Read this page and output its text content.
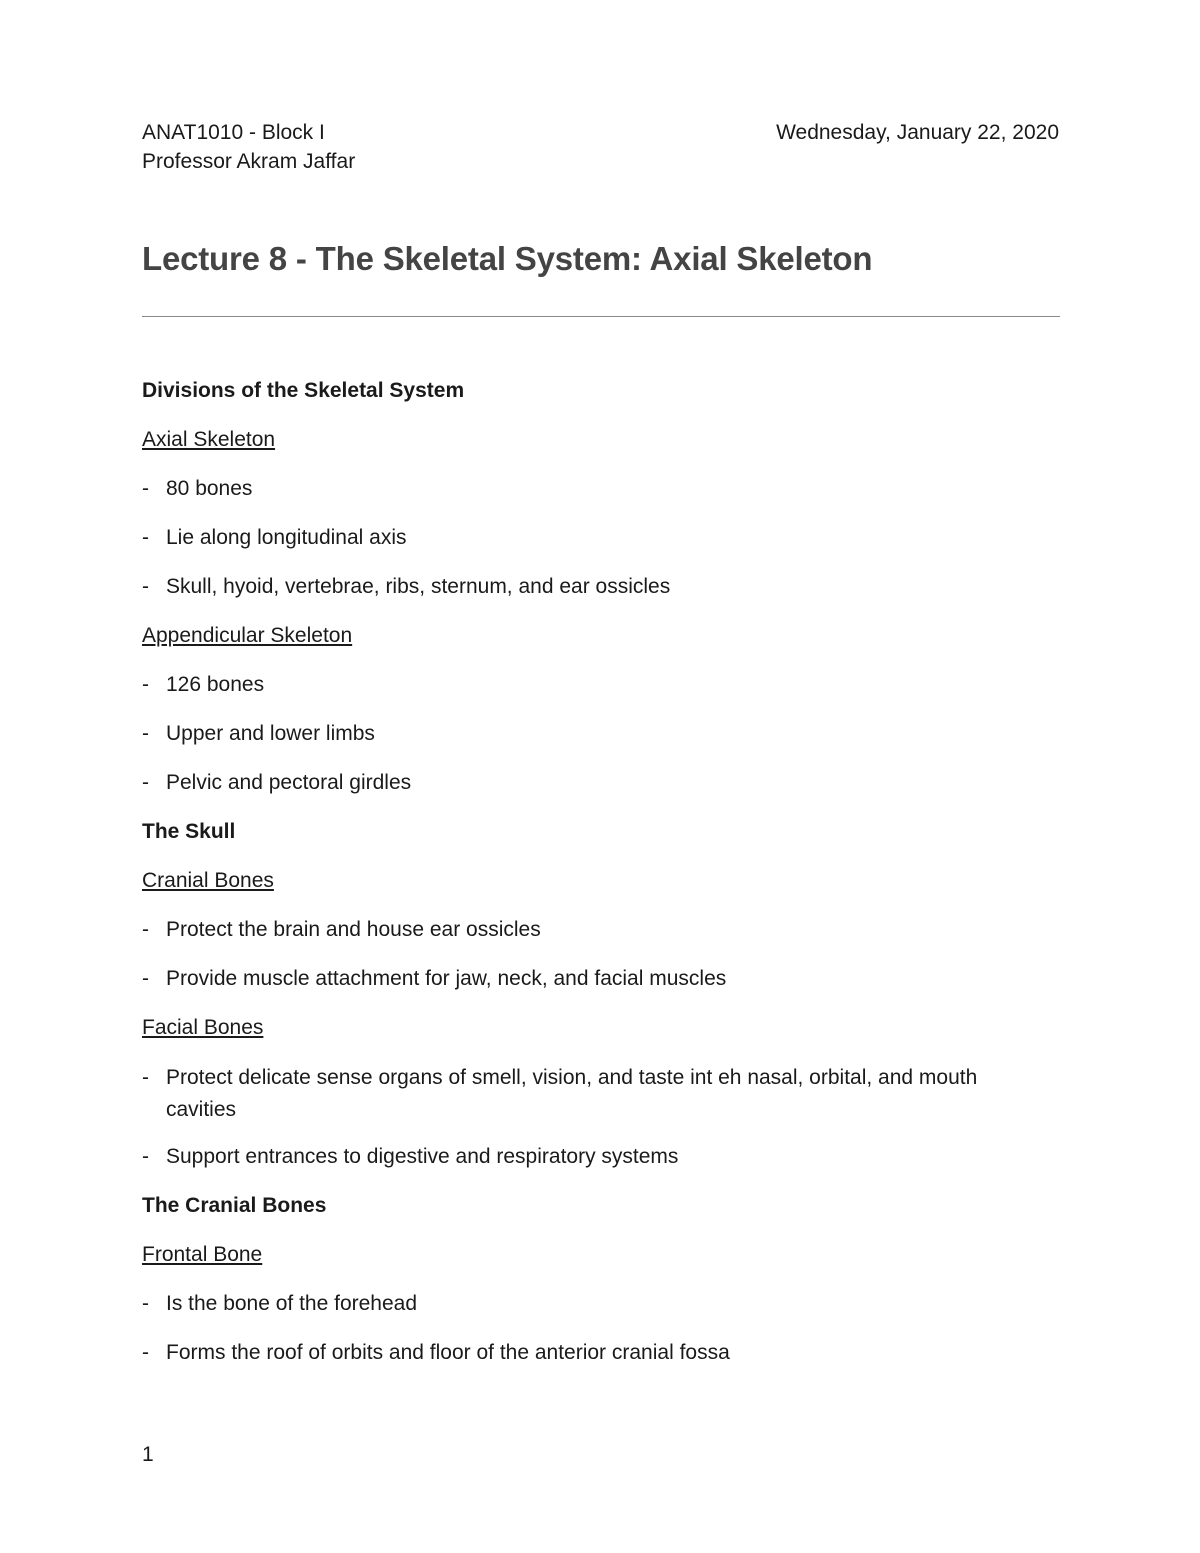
ANAT1010 - Block I
Professor Akram Jaffar
Wednesday, January 22, 2020
Lecture 8 - The Skeletal System: Axial Skeleton

Divisions of the Skeletal System

Axial Skeleton

- 80 bones

- Lie along longitudinal axis

- Skull, hyoid, vertebrae, ribs, sternum, and ear ossicles

Appendicular Skeleton

- 126 bones

- Upper and lower limbs

- Pelvic and pectoral girdles

The Skull

Cranial Bones

- Protect the brain and house ear ossicles

- Provide muscle attachment for jaw, neck, and facial muscles

Facial Bones

- Protect delicate sense organs of smell, vision, and taste int eh nasal, orbital, and mouth cavities

- Support entrances to digestive and respiratory systems

The Cranial Bones

Frontal Bone

- Is the bone of the forehead

- Forms the roof of orbits and floor of the anterior cranial fossa

1
